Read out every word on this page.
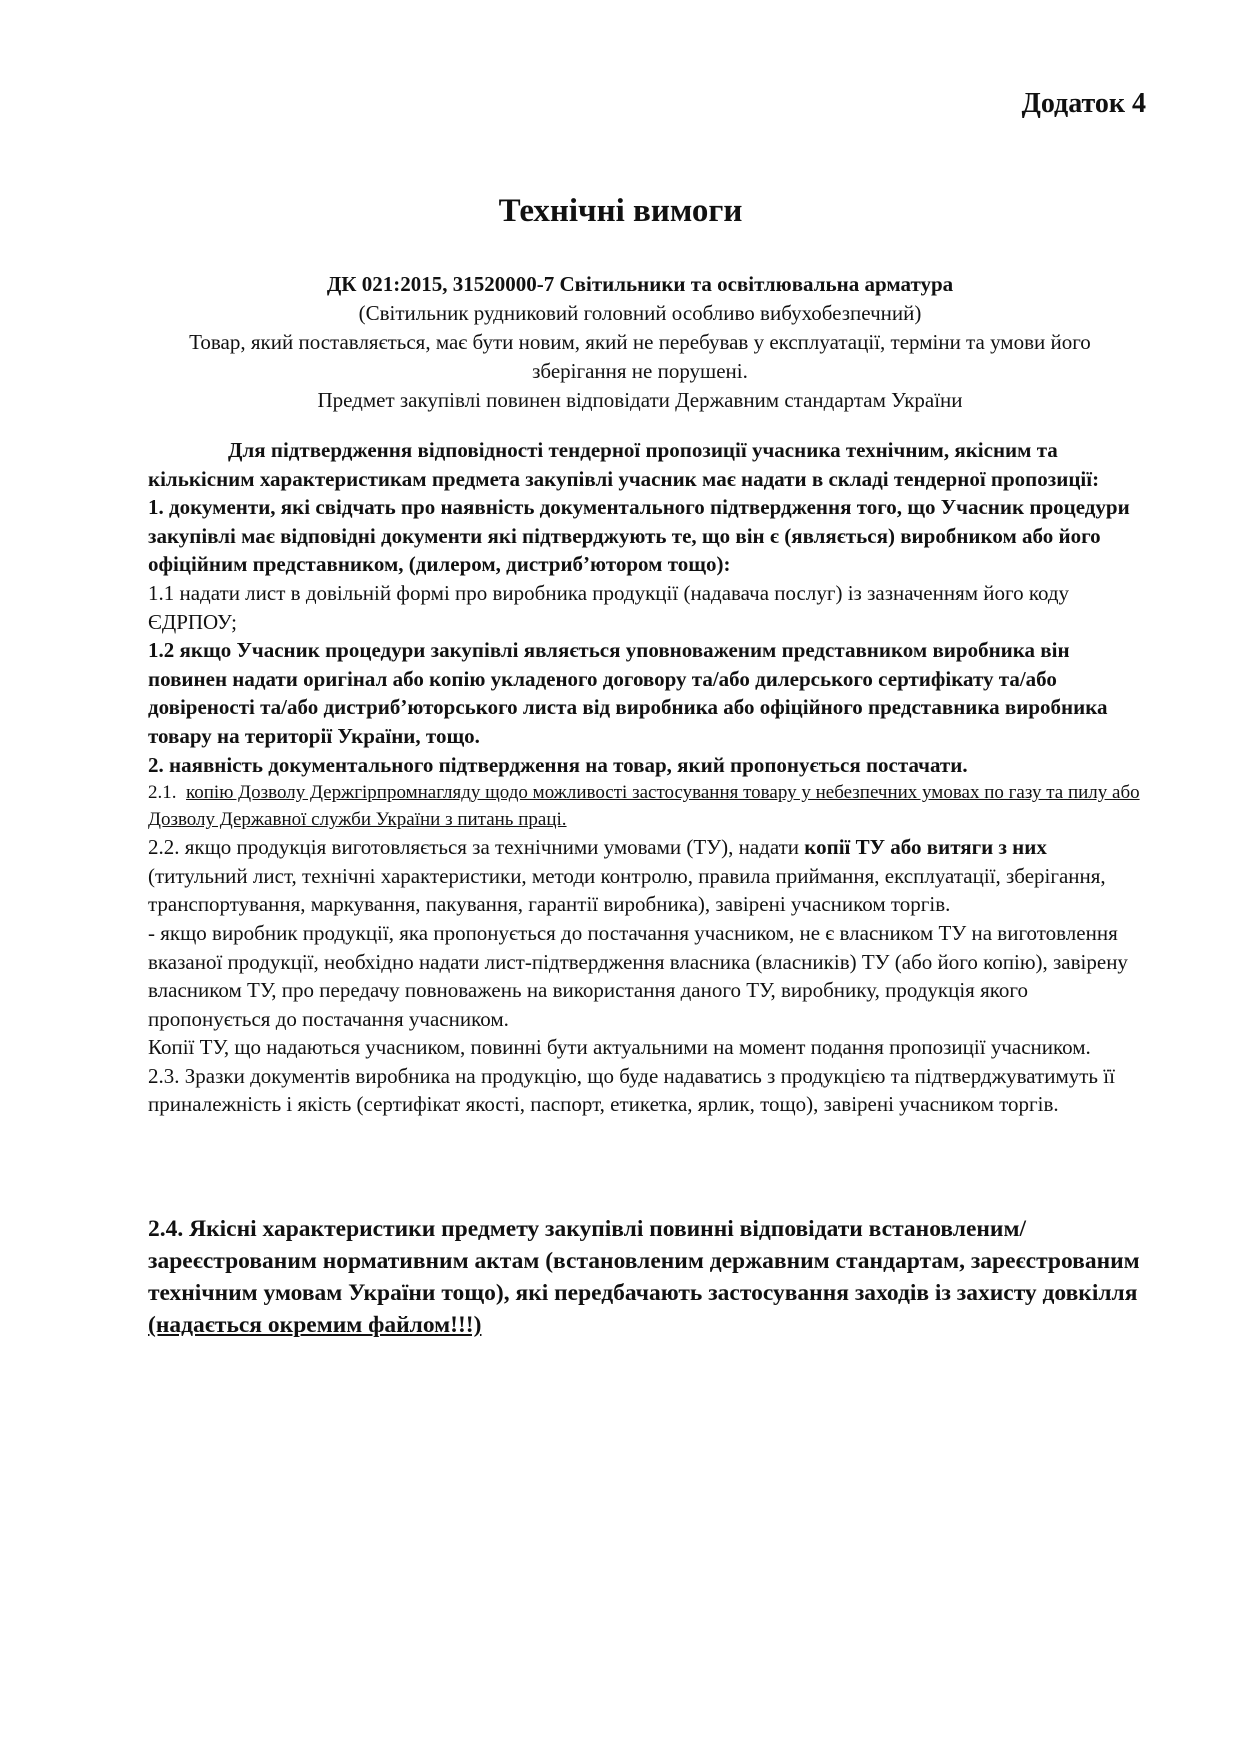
Додаток 4
Технічні вимоги
ДК 021:2015, 31520000-7 Світильники та освітлювальна арматура
(Світильник рудниковий головний особливо вибухобезпечний)
Товар, який поставляється, має бути новим, який не перебував у експлуатації, терміни та умови його
зберігання не порушені.
Предмет закупівлі повинен відповідати Державним стандартам України

Для підтвердження відповідності тендерної пропозиції учасника технічним, якісним та кількісним характеристикам предмета закупівлі учасник має надати в складі тендерної пропозиції:

1. документи, які свідчать про наявність документального підтвердження того, що Учасник процедури закупівлі має відповідні документи які підтверджують те, що він є (являється) виробником або його офіційним представником, (дилером, дистриб’ютором тощо):

1.1 надати лист в довільній формі про виробника продукції (надавача послуг) із зазначенням його коду ЄДРПОУ;

1.2 якщо Учасник процедури закупівлі являється уповноваженим представником виробника він повинен надати оригінал або копію укладеного договору та/або дилерського сертифікату та/або довіреності та/або дистриб’юторського листа від виробника або офіційного представника виробника товару на території України, тощо.

2. наявність документального підтвердження на товар, який пропонується постачати.

2.1. копію Дозволу Держгірпромнагляду щодо можливості застосування товару у небезпечних умовах по газу та пилу або Дозволу Державної служби України з питань праці.

2.2. якщо продукція виготовляється за технічними умовами (ТУ), надати копії ТУ або витяги з них (титульний лист, технічні характеристики, методи контролю, правила приймання, експлуатації, зберігання, транспортування, маркування, пакування, гарантії виробника), завірені учасником торгів.

- якщо виробник продукції, яка пропонується до постачання учасником, не є власником ТУ на виготовлення вказаної продукції, необхідно надати лист-підтвердження власника (власників) ТУ (або його копію), завірену власником ТУ, про передачу повноважень на використання даного ТУ, виробнику, продукція якого пропонується до постачання учасником.

Копії ТУ, що надаються учасником, повинні бути актуальними на момент подання пропозиції учасником.

2.3. Зразки документів виробника на продукцію, що буде надаватись з продукцією та підтверджуватимуть її приналежність і якість (сертифікат якості, паспорт, етикетка, ярлик, тощо), завірені учасником торгів.

2.4. Якісні характеристики предмету закупівлі повинні відповідати встановленим/зареєстрованим нормативним актам (встановленим державним стандартам, зареєстрованим технічним умовам України тощо), які передбачають застосування заходів із захисту довкілля (надається окремим файлом!!!)
